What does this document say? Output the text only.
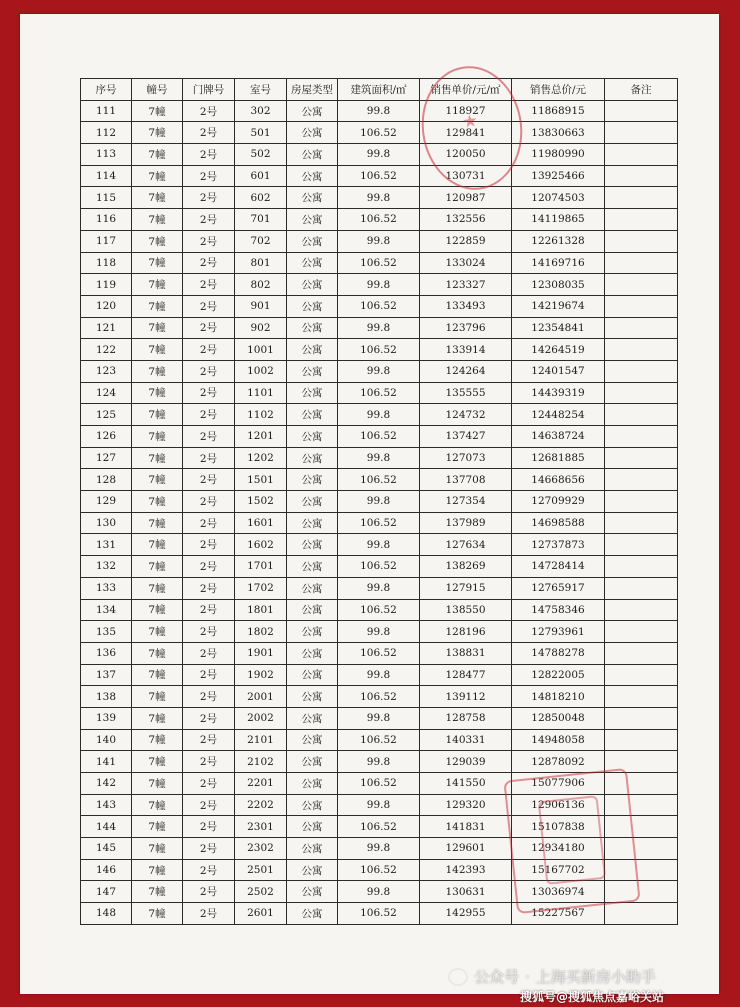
序号	幢号	门牌号	室号	房屋类型	建筑面积/㎡	销售单价/元/㎡	销售总价/元	备注
111	7幢	2号	302	公寓	99.8	118927	11868915	
112	7幢	2号	501	公寓	106.52	129841	13830663	
113	7幢	2号	502	公寓	99.8	120050	11980990	
114	7幢	2号	601	公寓	106.52	130731	13925466	
115	7幢	2号	602	公寓	99.8	120987	12074503	
116	7幢	2号	701	公寓	106.52	132556	14119865	
117	7幢	2号	702	公寓	99.8	122859	12261328	
118	7幢	2号	801	公寓	106.52	133024	14169716	
119	7幢	2号	802	公寓	99.8	123327	12308035	
120	7幢	2号	901	公寓	106.52	133493	14219674	
121	7幢	2号	902	公寓	99.8	123796	12354841	
122	7幢	2号	1001	公寓	106.52	133914	14264519	
123	7幢	2号	1002	公寓	99.8	124264	12401547	
124	7幢	2号	1101	公寓	106.52	135555	14439319	
125	7幢	2号	1102	公寓	99.8	124732	12448254	
126	7幢	2号	1201	公寓	106.52	137427	14638724	
127	7幢	2号	1202	公寓	99.8	127073	12681885	
128	7幢	2号	1501	公寓	106.52	137708	14668656	
129	7幢	2号	1502	公寓	99.8	127354	12709929	
130	7幢	2号	1601	公寓	106.52	137989	14698588	
131	7幢	2号	1602	公寓	99.8	127634	12737873	
132	7幢	2号	1701	公寓	106.52	138269	14728414	
133	7幢	2号	1702	公寓	99.8	127915	12765917	
134	7幢	2号	1801	公寓	106.52	138550	14758346	
135	7幢	2号	1802	公寓	99.8	128196	12793961	
136	7幢	2号	1901	公寓	106.52	138831	14788278	
137	7幢	2号	1902	公寓	99.8	128477	12822005	
138	7幢	2号	2001	公寓	106.52	139112	14818210	
139	7幢	2号	2002	公寓	99.8	128758	12850048	
140	7幢	2号	2101	公寓	106.52	140331	14948058	
141	7幢	2号	2102	公寓	99.8	129039	12878092	
142	7幢	2号	2201	公寓	106.52	141550	15077906	
143	7幢	2号	2202	公寓	99.8	129320	12906136	
144	7幢	2号	2301	公寓	106.52	141831	15107838	
145	7幢	2号	2302	公寓	99.8	129601	12934180	
146	7幢	2号	2501	公寓	106.52	142393	15167702	
147	7幢	2号	2502	公寓	99.8	130631	13036974	
148	7幢	2号	2601	公寓	106.52	142955	15227567	
公众号 · 上海买新房小助手
搜狐号@搜狐焦点嘉峪关站
